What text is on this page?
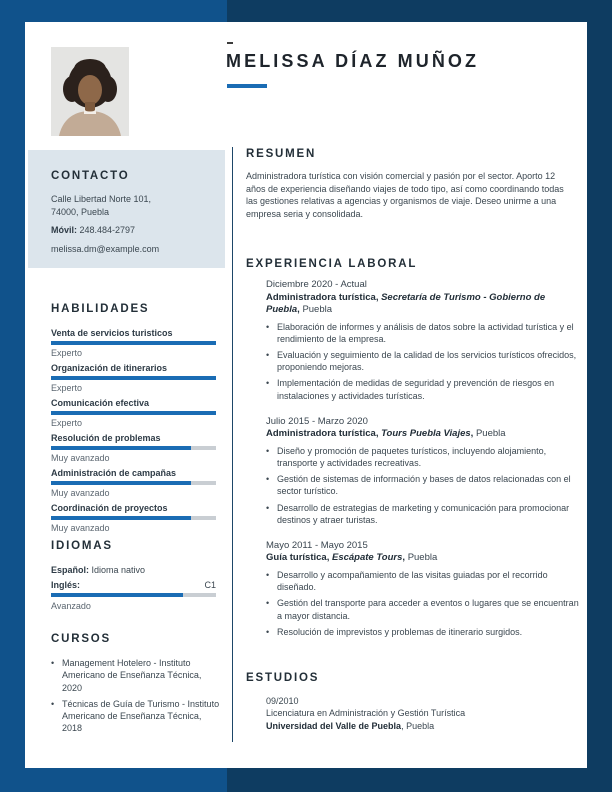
MELISSA DÍAZ MUÑOZ
CONTACTO
Calle Libertad Norte 101,
74000, Puebla
Móvil: 248.484-2797
melissa.dm@example.com
HABILIDADES
Venta de servicios turisticos
Experto
Organización de itinerarios
Experto
Comunicación efectiva
Experto
Resolución de problemas
Muy avanzado
Administración de campañas
Muy avanzado
Coordinación de proyectos
Muy avanzado
IDIOMAS
Español: Idioma nativo
Inglés:	C1
Avanzado
CURSOS
• Management Hotelero - Instituto Americano de Enseñanza Técnica, 2020
• Técnicas de Guía de Turismo - Instituto Americano de Enseñanza Técnica, 2018
RESUMEN

Administradora turística con visión comercial y pasión por el sector. Aporto 12 años de experiencia diseñando viajes de todo tipo, así como coordinando todas las gestiones relativas a agencias y organismos de viaje. Deseo unirme a una empresa seria y consolidada.

EXPERIENCIA LABORAL
Diciembre 2020 - Actual
Administradora turística, Secretaría de Turismo - Gobierno de Puebla, Puebla
• Elaboración de informes y análisis de datos sobre la actividad turística y el rendimiento de la empresa.
• Evaluación y seguimiento de la calidad de los servicios turísticos ofrecidos, proponiendo mejoras.
• Implementación de medidas de seguridad y prevención de riesgos en instalaciones y actividades turísticas.
Julio 2015 - Marzo 2020
Administradora turística, Tours Puebla Viajes, Puebla
• Diseño y promoción de paquetes turísticos, incluyendo alojamiento, transporte y actividades recreativas.
• Gestión de sistemas de información y bases de datos relacionadas con el sector turístico.
• Desarrollo de estrategias de marketing y comunicación para promocionar destinos y atraer turistas.
Mayo 2011 - Mayo 2015
Guía turística, Escápate Tours, Puebla
• Desarrollo y acompañamiento de las visitas guiadas por el recorrido diseñado.
• Gestión del transporte para acceder a eventos o lugares que se encuentran a mayor distancia.
• Resolución de imprevistos y problemas de itinerario surgidos.
ESTUDIOS
09/2010
Licenciatura en Administración y Gestión Turística
Universidad del Valle de Puebla, Puebla
